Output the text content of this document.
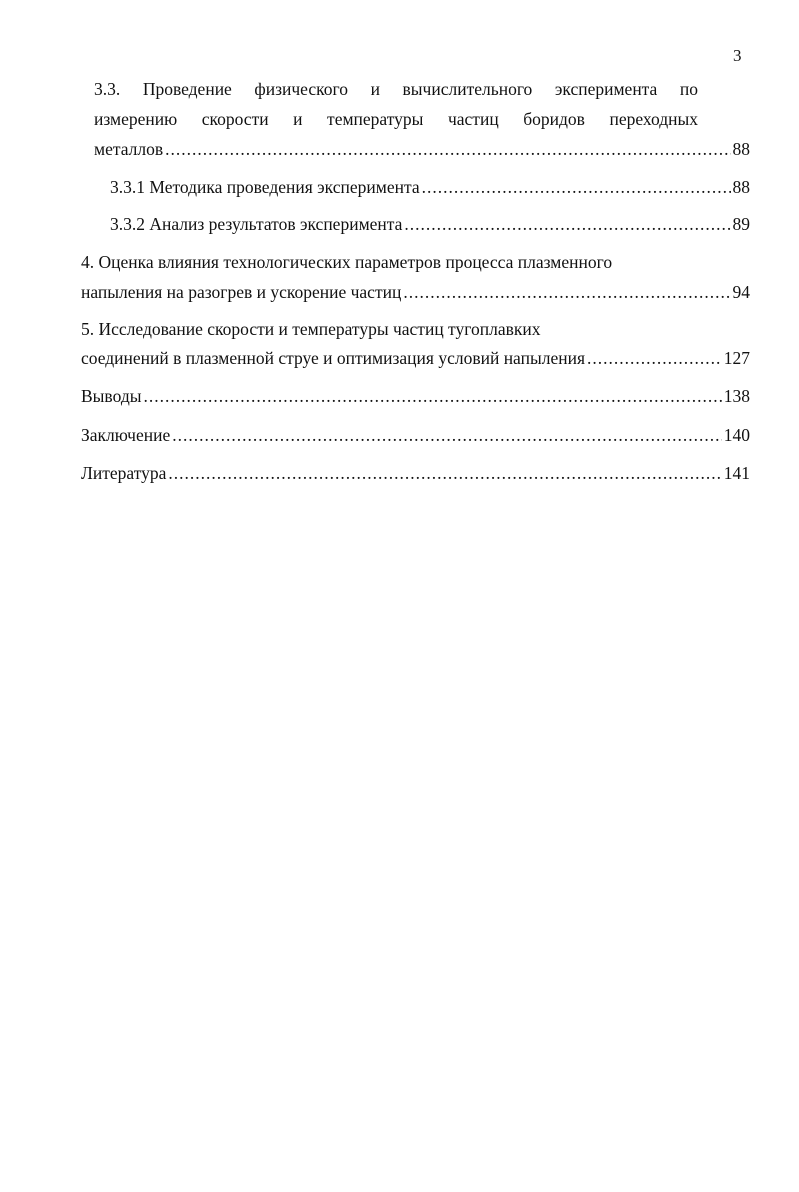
3
3.3. Проведение физического и вычислительного эксперимента по
измерению скорости и температуры частиц боридов переходных
металлов .....	88
3.3.1 Методика проведения эксперимента .....	88
3.3.2 Анализ результатов эксперимента .....	89
4. Оценка влияния технологических параметров процесса плазменного
напыления на разогрев и ускорение частиц .....	94
5. Исследование скорости и температуры частиц тугоплавких
соединений в плазменной струе и оптимизация условий напыления .....	127
Выводы .....	138
Заключение .....	140
Литература .....	141
